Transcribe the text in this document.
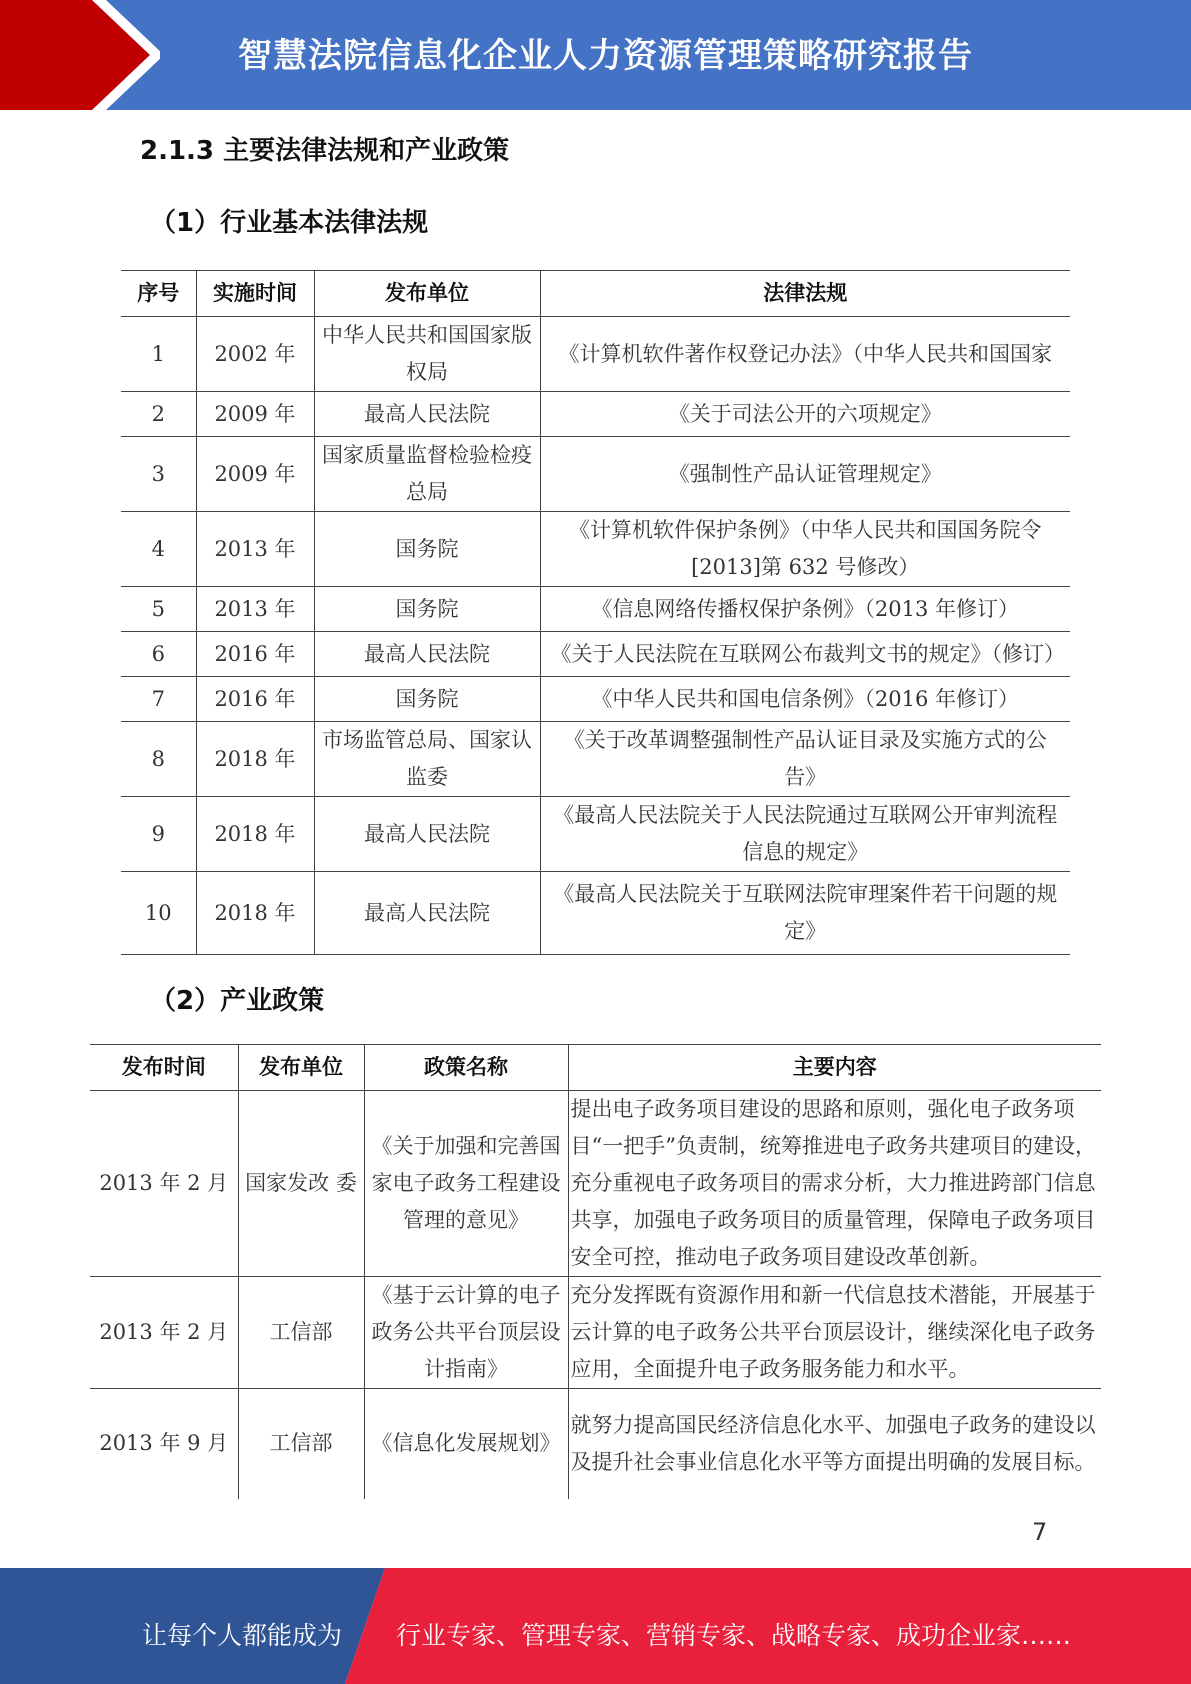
智慧法院信息化企业人力资源管理策略研究报告
2.1.3 主要法律法规和产业政策
（1）行业基本法律法规
序号	实施时间	发布单位	法律法规
1	2002 年	中华人民共和国国家版权局	《计算机软件著作权登记办法》（中华人民共和国国家
2	2009 年	最高人民法院	《关于司法公开的六项规定》
3	2009 年	国家质量监督检验检疫总局	《强制性产品认证管理规定》
4	2013 年	国务院	《计算机软件保护条例》（中华人民共和国国务院令[2013]第 632 号修改）
5	2013 年	国务院	《信息网络传播权保护条例》（2013 年修订）
6	2016 年	最高人民法院	《关于人民法院在互联网公布裁判文书的规定》（修订）
7	2016 年	国务院	《中华人民共和国电信条例》（2016 年修订）
8	2018 年	市场监管总局、国家认监委	《关于改革调整强制性产品认证目录及实施方式的公告》
9	2018 年	最高人民法院	《最高人民法院关于人民法院通过互联网公开审判流程信息的规定》
10	2018 年	最高人民法院	《最高人民法院关于互联网法院审理案件若干问题的规定》
（2）产业政策
发布时间	发布单位	政策名称	主要内容
2013 年 2 月	国家发改 委	《关于加强和完善国家电子政务工程建设管理的意见》	提出电子政务项目建设的思路和原则，强化电子政务项目“一把手”负责制，统筹推进电子政务共建项目的建设，充分重视电子政务项目的需求分析，大力推进跨部门信息共享，加强电子政务项目的质量管理，保障电子政务项目安全可控，推动电子政务项目建设改革创新。
2013 年 2 月	工信部	《基于云计算的电子政务公共平台顶层设计指南》	充分发挥既有资源作用和新一代信息技术潜能，开展基于云计算的电子政务公共平台顶层设计，继续深化电子政务应用，全面提升电子政务服务能力和水平。
2013 年 9 月	工信部	《信息化发展规划》	就努力提高国民经济信息化水平、加强电子政务的建设以及提升社会事业信息化水平等方面提出明确的发展目标。
7
让每个人都能成为 行业专家、管理专家、营销专家、战略专家、成功企业家……
